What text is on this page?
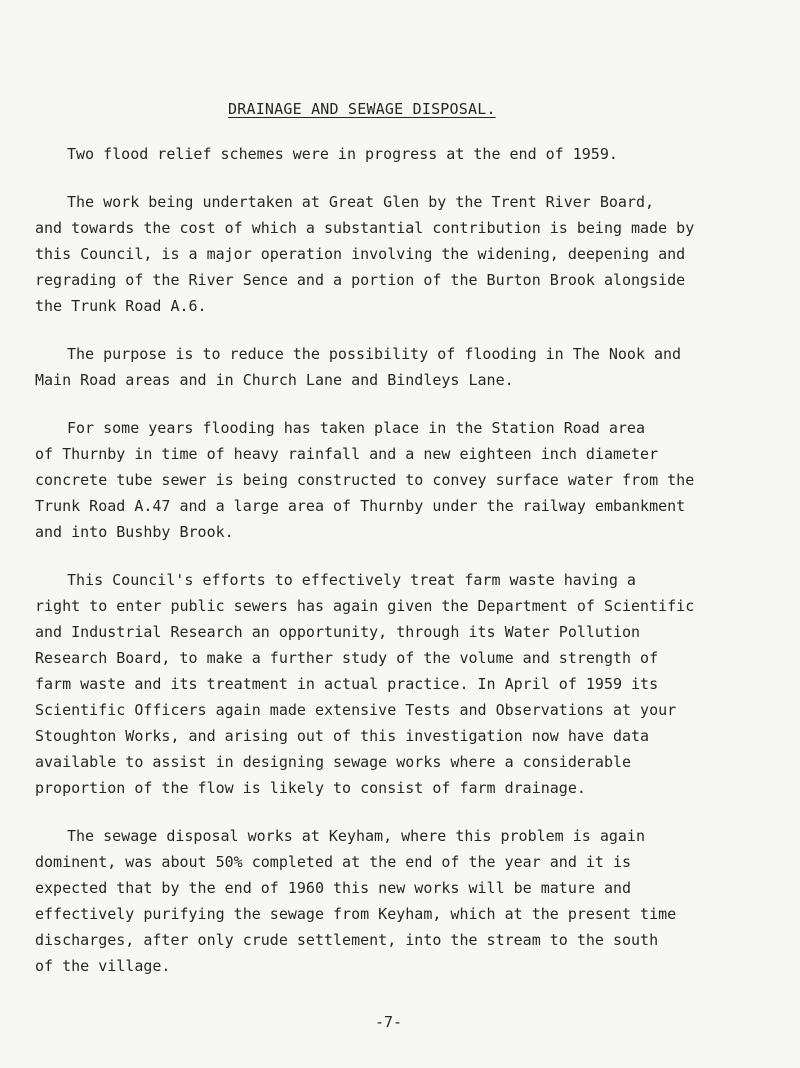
DRAINAGE AND SEWAGE DISPOSAL.
Two flood relief schemes were in progress at the end of 1959.
The work being undertaken at Great Glen by the Trent River Board,
and towards the cost of which a substantial contribution is being made by
this Council, is a major operation involving the widening, deepening and
regrading of the River Sence and a portion of the Burton Brook alongside
the Trunk Road A.6.
The purpose is to reduce the possibility of flooding in The Nook and
Main Road areas and in Church Lane and Bindleys Lane.
For some years flooding has taken place in the Station Road area
of Thurnby in time of heavy rainfall and a new eighteen inch diameter
concrete tube sewer is being constructed to convey surface water from the
Trunk Road A.47 and a large area of Thurnby under the railway embankment
and into Bushby Brook.
This Council's efforts to effectively treat farm waste having a
right to enter public sewers has again given the Department of Scientific
and Industrial Research an opportunity, through its Water Pollution
Research Board, to make a further study of the volume and strength of
farm waste and its treatment in actual practice. In April of 1959 its
Scientific Officers again made extensive Tests and Observations at your
Stoughton Works, and arising out of this investigation now have data
available to assist in designing sewage works where a considerable
proportion of the flow is likely to consist of farm drainage.
The sewage disposal works at Keyham, where this problem is again
dominent, was about 50% completed at the end of the year and it is
expected that by the end of 1960 this new works will be mature and
effectively purifying the sewage from Keyham, which at the present time
discharges, after only crude settlement, into the stream to the south
of the village.
-7-
